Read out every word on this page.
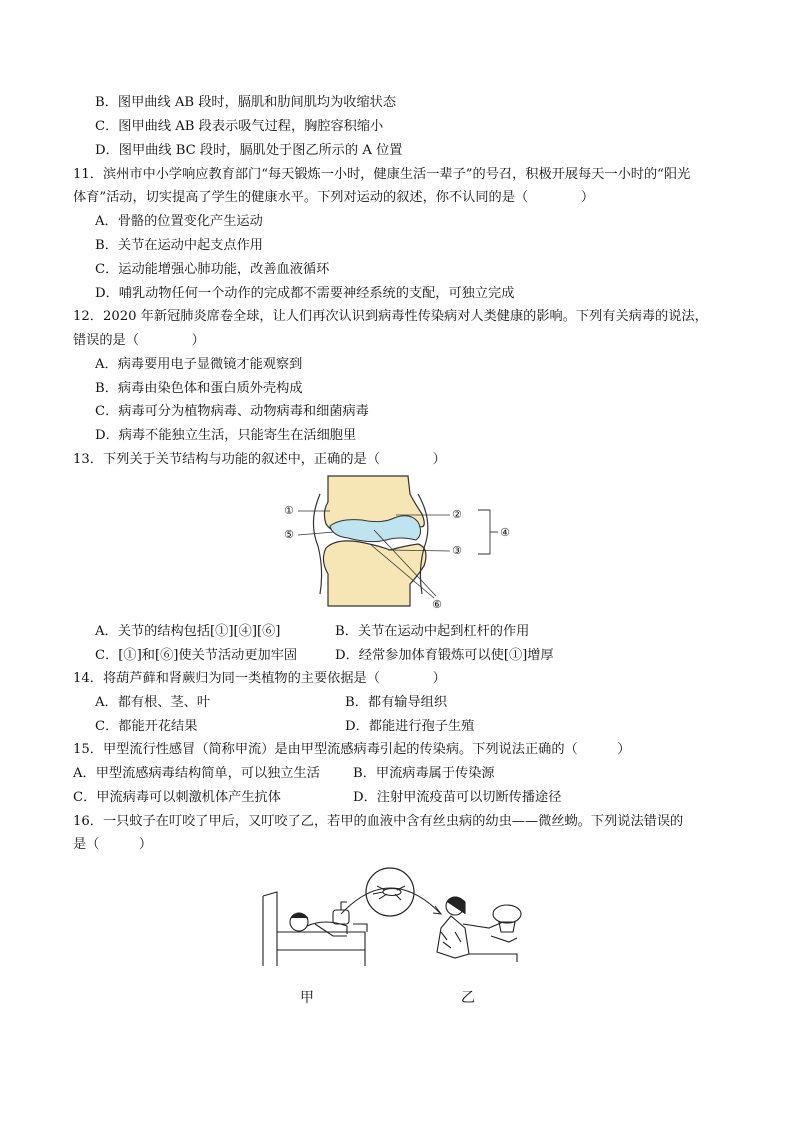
B．图甲曲线 AB 段时，膈肌和肋间肌均为收缩状态
C．图甲曲线 AB 段表示吸气过程，胸腔容积缩小
D．图甲曲线 BC 段时，膈肌处于图乙所示的 A 位置
11．滨州市中小学响应教育部门“每天锻炼一小时，健康生活一辈子”的号召，积极开展每天一小时的“阳光
体育”活动，切实提高了学生的健康水平。下列对运动的叙述，你不认同的是（　　　　）
A．骨骼的位置变化产生运动
B．关节在运动中起支点作用
C．运动能增强心肺功能，改善血液循环
D．哺乳动物任何一个动作的完成都不需要神经系统的支配，可独立完成
12．2020 年新冠肺炎席卷全球，让人们再次认识到病毒性传染病对人类健康的影响。下列有关病毒的说法，
错误的是（　　　　）
A．病毒要用电子显微镜才能观察到
B．病毒由染色体和蛋白质外壳构成
C．病毒可分为植物病毒、动物病毒和细菌病毒
D．病毒不能独立生活，只能寄生在活细胞里
13．下列关于关节结构与功能的叙述中，正确的是（　　　　）
①
⑤
②
③
④
⑥
A．关节的结构包括[①][④][⑥]	B．关节在运动中起到杠杆的作用
C．[①]和[⑥]使关节活动更加牢固	D．经常参加体育锻炼可以使[①]增厚
14．将葫芦藓和肾蕨归为同一类植物的主要依据是（　　　　）
A．都有根、茎、叶	B．都有输导组织
C．都能开花结果	D．都能进行孢子生殖
15．甲型流行性感冒（简称甲流）是由甲型流感病毒引起的传染病。下列说法正确的（　　　）
A．甲型流感病毒结构简单，可以独立生活	B．甲流病毒属于传染源
C．甲流病毒可以刺激机体产生抗体	D．注射甲流疫苗可以切断传播途径
16．一只蚊子在叮咬了甲后，又叮咬了乙，若甲的血液中含有丝虫病的幼虫——微丝蚴。下列说法错误的
是（　　　）
甲	乙
